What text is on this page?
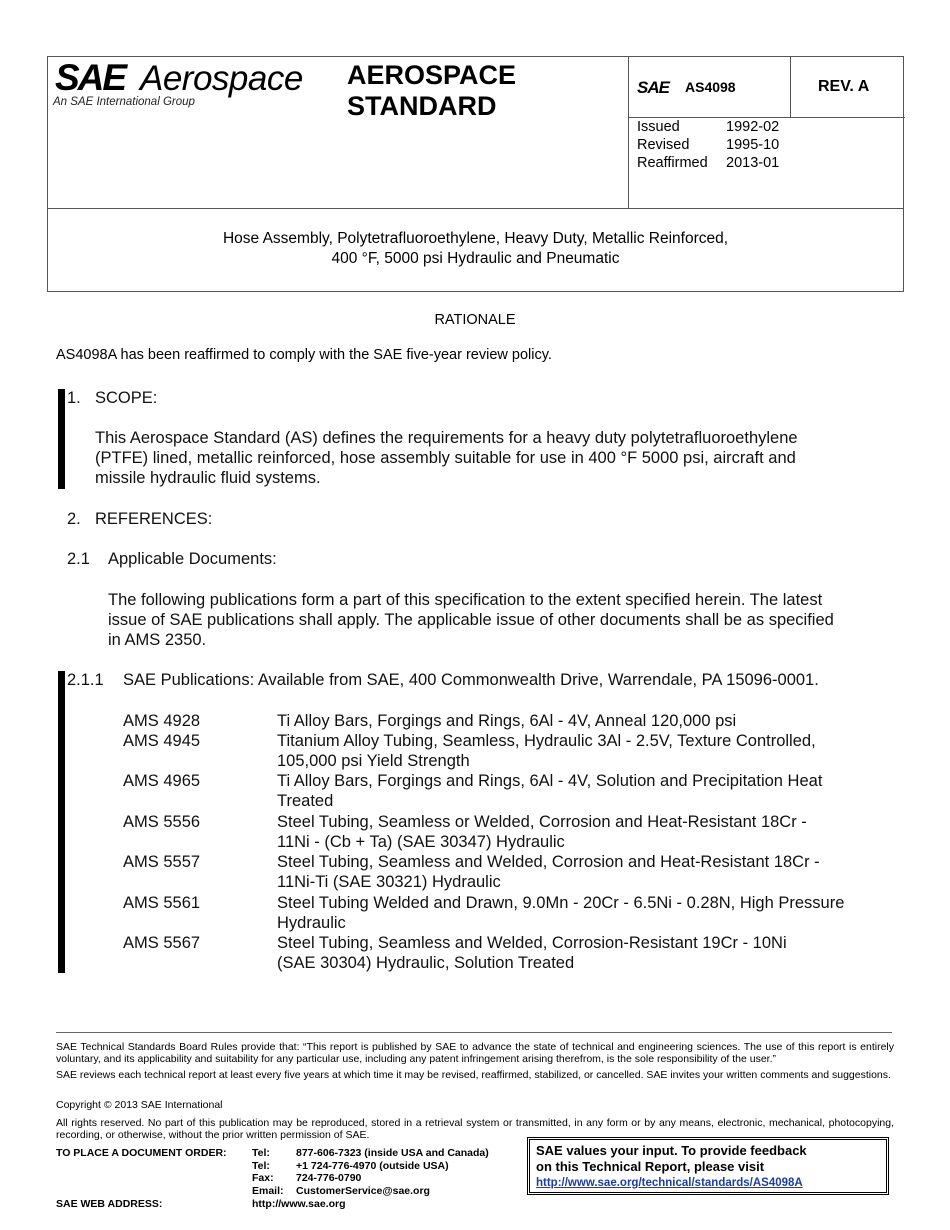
SAE Aerospace
An SAE International Group
AEROSPACE
STANDARD
SAE AS4098	REV. A
Issued	1992-02
Revised	1995-10
Reaffirmed	2013-01
Hose Assembly, Polytetrafluoroethylene, Heavy Duty, Metallic Reinforced,
400 °F, 5000 psi Hydraulic and Pneumatic
RATIONALE
AS4098A has been reaffirmed to comply with the SAE five-year review policy.
1. SCOPE:
This Aerospace Standard (AS) defines the requirements for a heavy duty polytetrafluoroethylene
(PTFE) lined, metallic reinforced, hose assembly suitable for use in 400 °F 5000 psi, aircraft and
missile hydraulic fluid systems.
2. REFERENCES:
2.1 Applicable Documents:
The following publications form a part of this specification to the extent specified herein. The latest
issue of SAE publications shall apply. The applicable issue of other documents shall be as specified
in AMS 2350.
2.1.1 SAE Publications: Available from SAE, 400 Commonwealth Drive, Warrendale, PA 15096-0001.
AMS 4928	Ti Alloy Bars, Forgings and Rings, 6Al - 4V, Anneal 120,000 psi
AMS 4945	Titanium Alloy Tubing, Seamless, Hydraulic 3Al - 2.5V, Texture Controlled,
105,000 psi Yield Strength
AMS 4965	Ti Alloy Bars, Forgings and Rings, 6Al - 4V, Solution and Precipitation Heat
Treated
AMS 5556	Steel Tubing, Seamless or Welded, Corrosion and Heat-Resistant 18Cr -
11Ni - (Cb + Ta) (SAE 30347) Hydraulic
AMS 5557	Steel Tubing, Seamless and Welded, Corrosion and Heat-Resistant 18Cr -
11Ni-Ti (SAE 30321) Hydraulic
AMS 5561	Steel Tubing Welded and Drawn, 9.0Mn - 20Cr - 6.5Ni - 0.28N, High Pressure
Hydraulic
AMS 5567	Steel Tubing, Seamless and Welded, Corrosion-Resistant 19Cr - 10Ni
(SAE 30304) Hydraulic, Solution Treated
SAE Technical Standards Board Rules provide that: “This report is published by SAE to advance the state of technical and engineering sciences. The use of this report is entirely voluntary, and its applicability and suitability for any particular use, including any patent infringement arising therefrom, is the sole responsibility of the user.”
SAE reviews each technical report at least every five years at which time it may be revised, reaffirmed, stabilized, or cancelled. SAE invites your written comments and suggestions.
Copyright © 2013 SAE International
All rights reserved. No part of this publication may be reproduced, stored in a retrieval system or transmitted, in any form or by any means, electronic, mechanical, photocopying, recording, or otherwise, without the prior written permission of SAE.
TO PLACE A DOCUMENT ORDER: Tel: 877-606-7323 (inside USA and Canada)
Tel: +1 724-776-4970 (outside USA)
Fax: 724-776-0790
Email: CustomerService@sae.org
SAE WEB ADDRESS:	http://www.sae.org
SAE values your input. To provide feedback
on this Technical Report, please visit
http://www.sae.org/technical/standards/AS4098A
